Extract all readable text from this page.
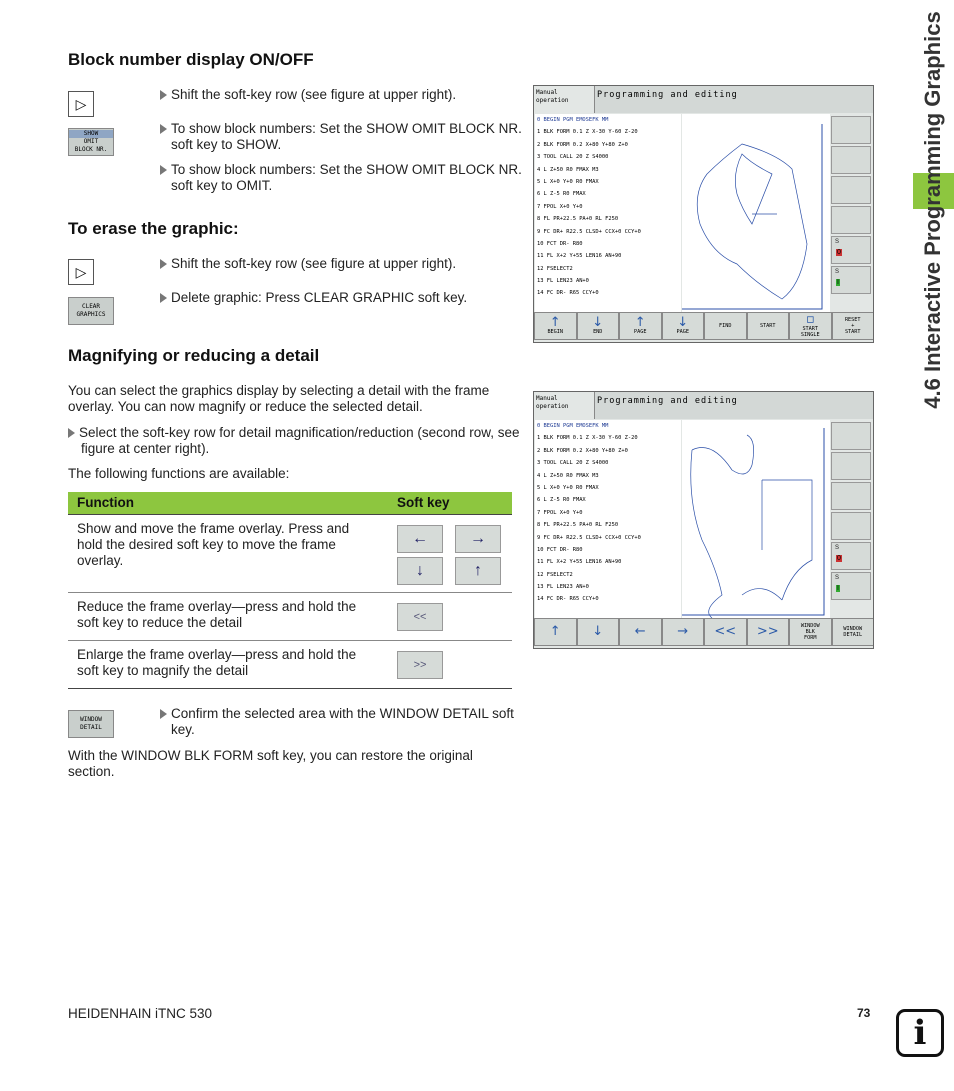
Block number display ON/OFF
▷
Shift the soft-key row (see figure at upper right).
SHOW
OMIT
BLOCK NR.
To show block numbers: Set the SHOW OMIT BLOCK NR. soft key to SHOW.
To show block numbers: Set the SHOW OMIT BLOCK NR. soft key to OMIT.
To erase the graphic:
▷	Shift the soft-key row (see figure at upper right).
CLEAR
GRAPHICS
Delete graphic: Press CLEAR GRAPHIC soft key.
Magnifying or reducing a detail
You can select the graphics display by selecting a detail with the frame overlay. You can now magnify or reduce the selected detail.
Select the soft-key row for detail magnification/reduction (second row, see figure at center right).
The following functions are available:
Function	Soft key
Show and move the frame overlay. Press and hold the desired soft key to move the frame overlay.
←	→
↓	↑
Reduce the frame overlay—press and hold the soft key to reduce the detail	<<
Enlarge the frame overlay—press and hold the soft key to magnify the detail	>>
WINDOW
DETAIL
Confirm the selected area with the WINDOW DETAIL soft key.
With the WINDOW BLK FORM soft key, you can restore the original section.
Manual
operation
Programming and editing
0 BEGIN PGM EMOSEFK MM
1 BLK FORM 0.1 Z X-30 Y-60 Z-20
2 BLK FORM 0.2 X+80 Y+80 Z+0
3 TOOL CALL 20 Z S4000
4 L Z+50 R0 FMAX M3
5 L X+0 Y+0 R0 FMAX
6 L Z-5 R0 FMAX
7 FPOL X+0 Y+0
8 FL PR+22.5 PA+0 RL F250
9 FC DR+ R22.5 CLSD+ CCX+0 CCY+0
10 FCT DR- R80
11 FL X+2 Y+55 LEN16 AN+90
12 FSELECT2
13 FL LEN23 AN+0
14 FC DR- R65 CCY+0
S
0
S
I
↑
BEGIN
↓
END
↑
PAGE
↓
PAGE
FIND	START ▫
START
SINGLE
RESET
+
START
Manual
operation
Programming and editing
0 BEGIN PGM EMOSEFK MM
1 BLK FORM 0.1 Z X-30 Y-60 Z-20
2 BLK FORM 0.2 X+80 Y+80 Z+0
3 TOOL CALL 20 Z S4000
4 L Z+50 R0 FMAX M3
5 L X+0 Y+0 R0 FMAX
6 L Z-5 R0 FMAX
7 FPOL X+0 Y+0
8 FL PR+22.5 PA+0 RL F250
9 FC DR+ R22.5 CLSD+ CCX+0 CCY+0
10 FCT DR- R80
11 FL X+2 Y+55 LEN16 AN+90
12 FSELECT2
13 FL LEN23 AN+0
14 FC DR- R65 CCY+0
S
0
S
I
↑ ↓ ← → << >>	WINDOW
BLK
FORM
WINDOW
DETAIL
4.6 Interactive Programming Graphics
HEIDENHAIN iTNC 530	73	i
